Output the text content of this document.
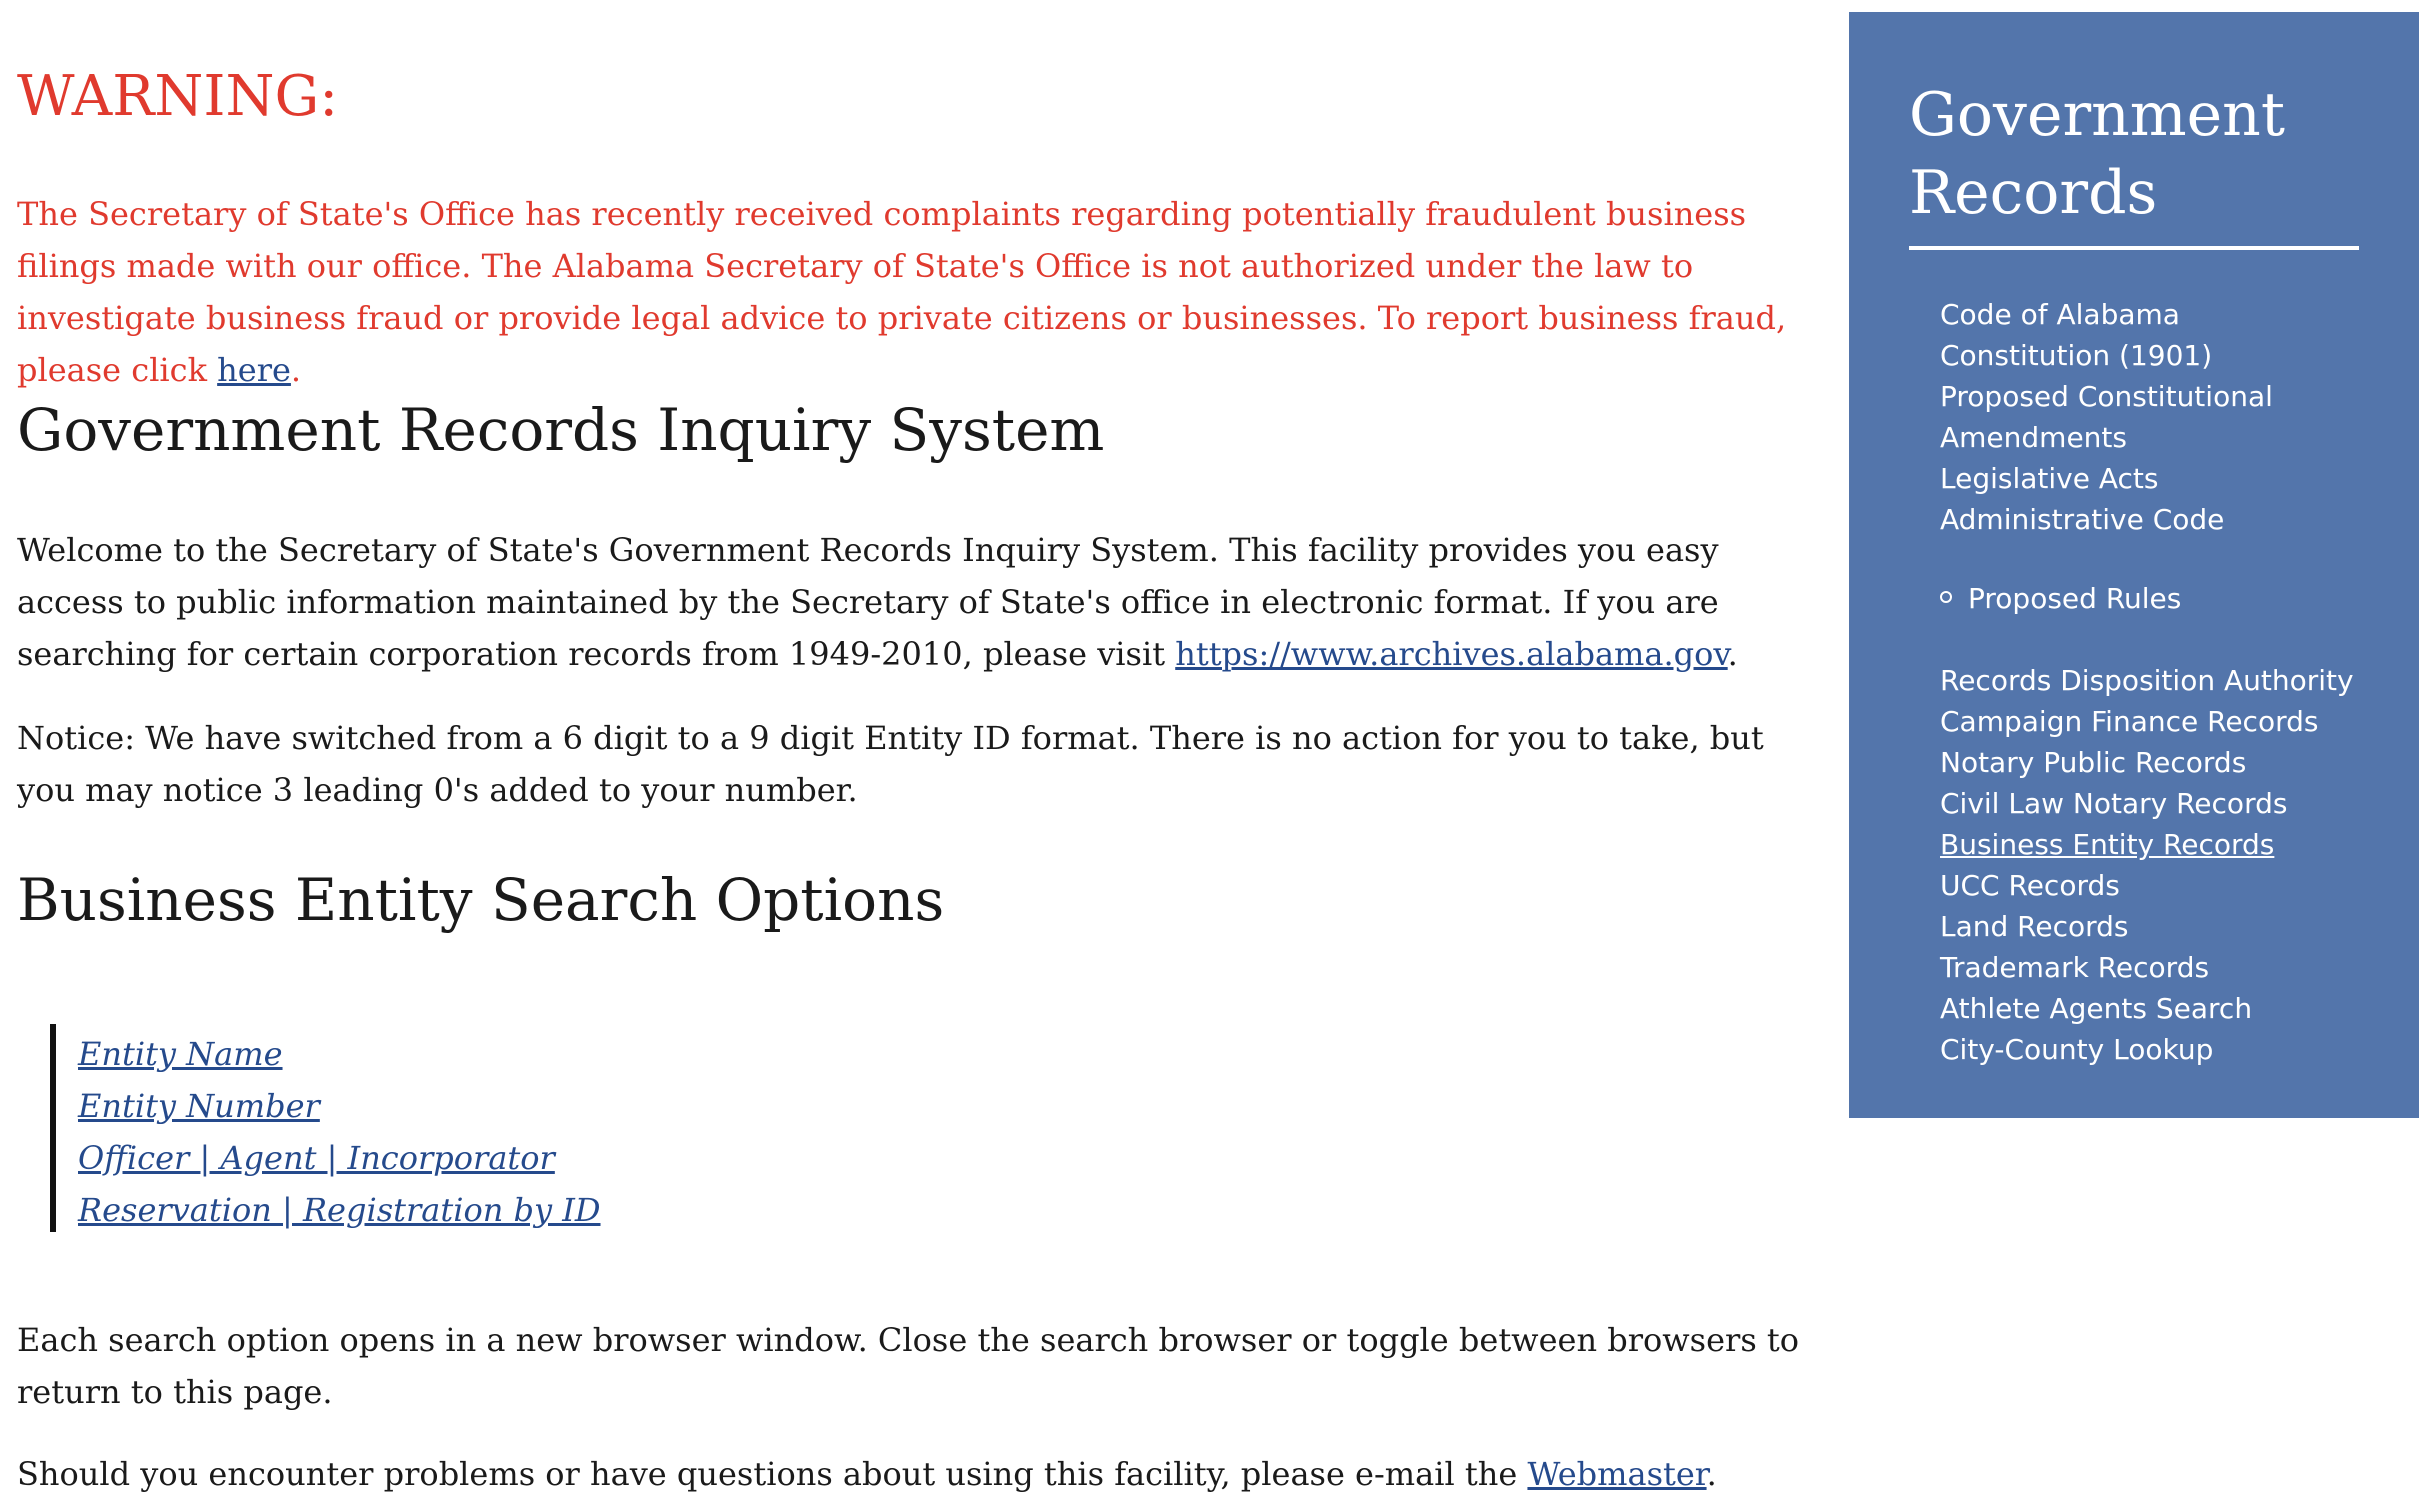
WARNING:

The Secretary of State's Office has recently received complaints regarding potentially fraudulent business filings made with our office. The Alabama Secretary of State's Office is not authorized under the law to investigate business fraud or provide legal advice to private citizens or businesses. To report business fraud, please click here.

Government Records Inquiry System

Welcome to the Secretary of State's Government Records Inquiry System. This facility provides you easy access to public information maintained by the Secretary of State's office in electronic format. If you are searching for certain corporation records from 1949-2010, please visit https://www.archives.alabama.gov.

Notice: We have switched from a 6 digit to a 9 digit Entity ID format. There is no action for you to take, but you may notice 3 leading 0's added to your number.

Business Entity Search Options
Entity Name
Entity Number
Officer | Agent | Incorporator
Reservation | Registration by ID

Each search option opens in a new browser window. Close the search browser or toggle between browsers to return to this page.

Should you encounter problems or have questions about using this facility, please e-mail the Webmaster.

Government Records
Code of Alabama
Constitution (1901)
Proposed Constitutional
Amendments
Legislative Acts
Administrative Code
Proposed Rules
Records Disposition Authority
Campaign Finance Records
Notary Public Records
Civil Law Notary Records
Business Entity Records
UCC Records
Land Records
Trademark Records
Athlete Agents Search
City-County Lookup
